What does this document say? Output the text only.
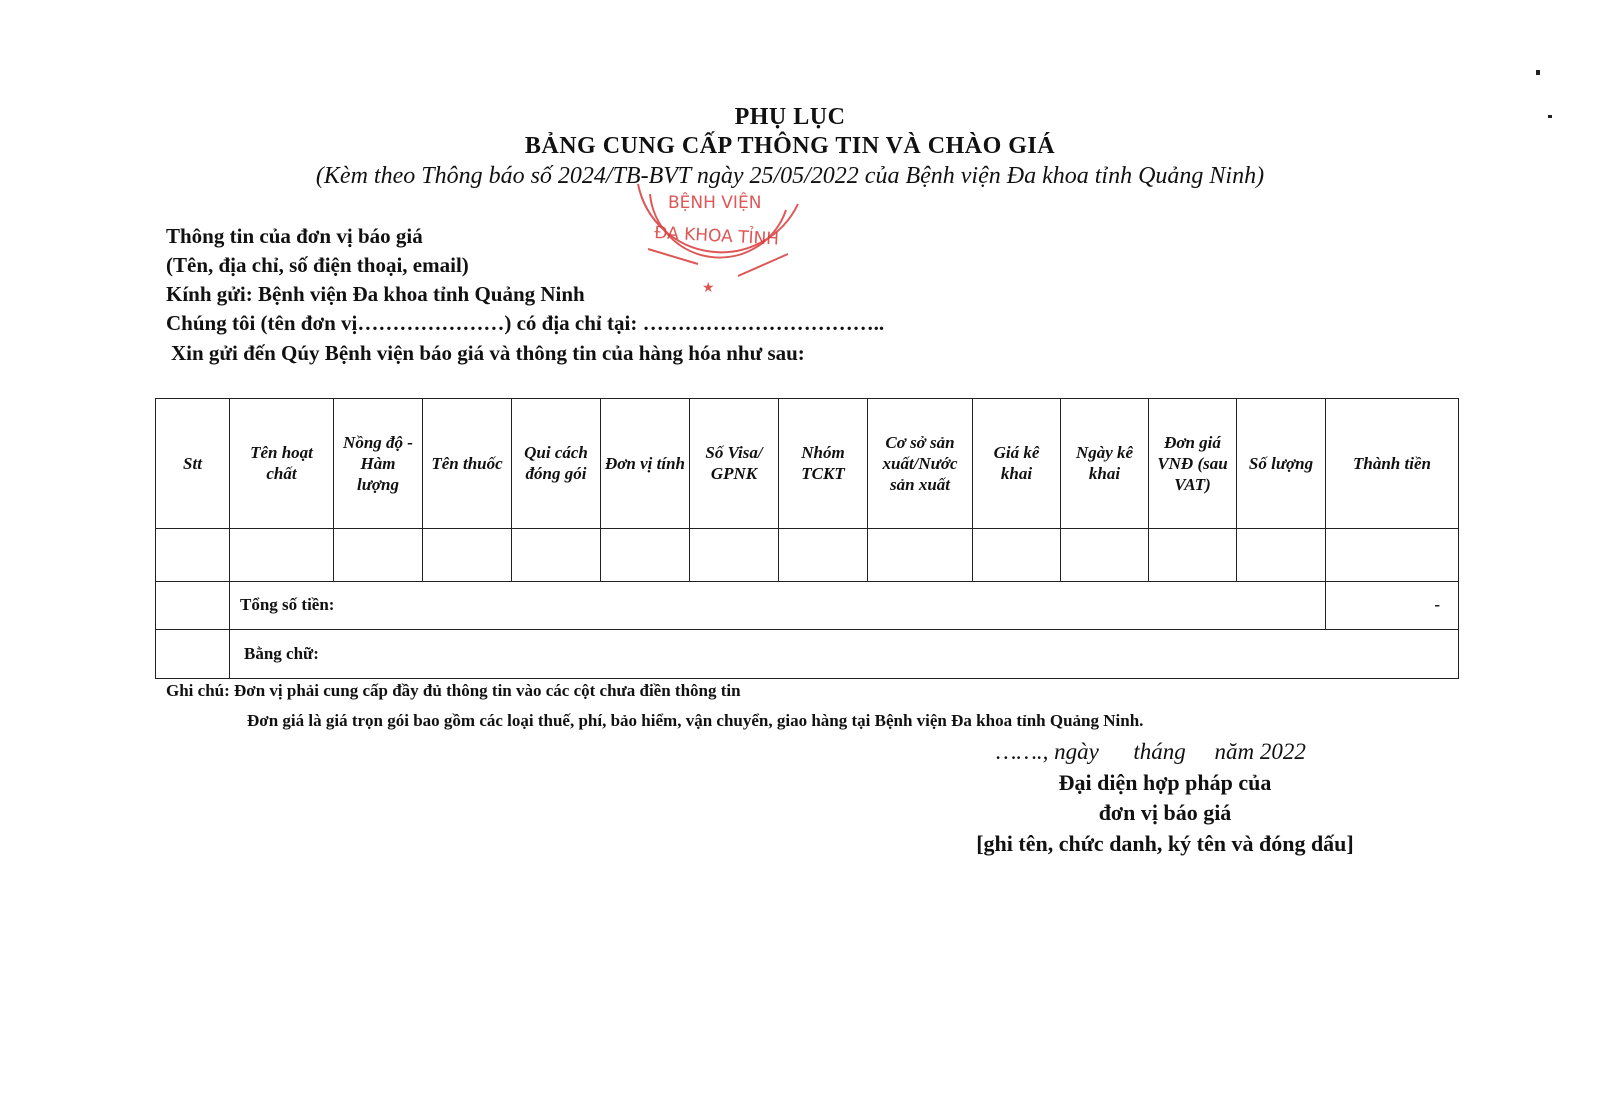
PHỤ LỤC
BẢNG CUNG CẤP THÔNG TIN VÀ CHÀO GIÁ
(Kèm theo Thông báo số 2024/TB-BVT ngày 25/05/2022 của Bệnh viện Đa khoa tỉnh Quảng Ninh)
BỆNH VIỆN
ĐA KHOA TỈNH
★
Thông tin của đơn vị báo giá
(Tên, địa chỉ, số điện thoại, email)
Kính gửi: Bệnh viện Đa khoa tỉnh Quảng Ninh
Chúng tôi (tên đơn vị…………………) có địa chỉ tại: ……………………………..
Xin gửi đến Qúy Bệnh viện báo giá và thông tin của hàng hóa như sau:
Stt	Tên hoạt chất	Nồng độ - Hàm lượng	Tên thuốc	Qui cách đóng gói	Đơn vị tính	Số Visa/ GPNK	Nhóm TCKT	Cơ sở sản xuất/Nước sản xuất	Giá kê khai	Ngày kê khai	Đơn giá VNĐ (sau VAT)	Số lượng	Thành tiền

	Tổng số tiền:												-
	Bằng chữ:												
Ghi chú: Đơn vị phải cung cấp đầy đủ thông tin vào các cột chưa điền thông tin
Đơn giá là giá trọn gói bao gồm các loại thuế, phí, bảo hiểm, vận chuyển, giao hàng tại Bệnh viện Đa khoa tỉnh Quảng Ninh.
……., ngày      tháng     năm 2022
Đại diện hợp pháp của
đơn vị báo giá
[ghi tên, chức danh, ký tên và đóng dấu]
